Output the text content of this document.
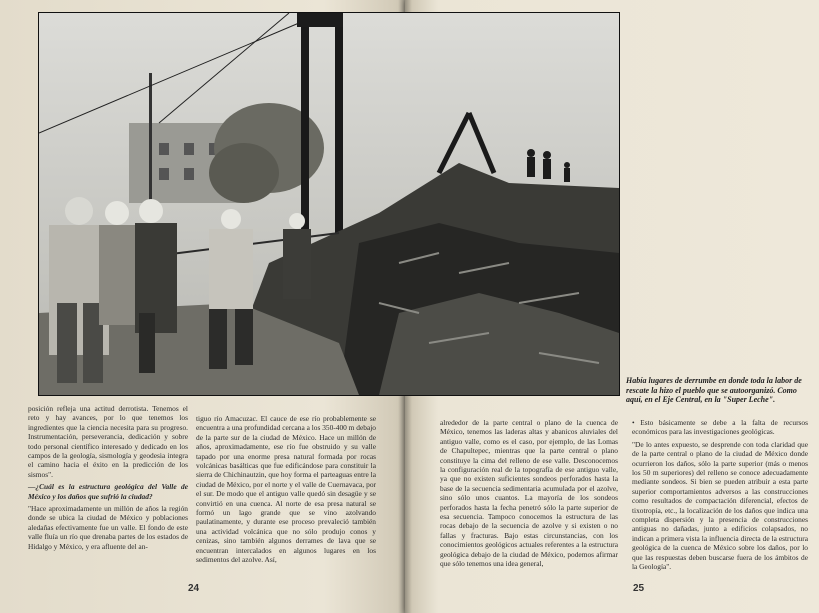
Había lugares de derrumbe en donde toda la labor de rescate la hizo el pueblo que se autoorganizó. Como aquí, en el Eje Central, en la "Super Leche".

posición refleja una actitud derrotista. Tenemos el reto y hay avances, por lo que tenemos los ingredientes que la ciencia necesita para su progreso. Instrumentación, perseverancia, dedicación y sobre todo personal científico interesado y dedicado en los campos de la geología, sismología y geodesia integra el camino hacia el éxito en la predicción de los sismos".

—¿Cuál es la estructura geológica del Valle de México y los daños que sufrió la ciudad?

"Hace aproximadamente un millón de años la región donde se ubica la ciudad de México y poblaciones aledañas efectivamente fue un valle. El fondo de este valle fluía un río que drenaba partes de los estados de Hidalgo y México, y era afluente del an-

tiguo río Amacuzac. El cauce de ese río probablemente se encuentra a una profundidad cercana a los 350-400 m debajo de la parte sur de la ciudad de México. Hace un millón de años, aproximadamente, ese río fue obstruido y su valle tapado por una enorme presa natural formada por rocas volcánicas basálticas que fue edificándose para constituir la sierra de Chichinautzin, que hoy forma el parteaguas entre la ciudad de México, por el norte y el valle de Cuernavaca, por el sur. De modo que el antiguo valle quedó sin desagüe y se convirtió en una cuenca. Al norte de esa presa natural se formó un lago grande que se vino azolvando paulatinamente, y durante ese proceso prevaleció también una actividad volcánica que no sólo produjo conos y cenizas, sino también algunos derrames de lava que se encuentran intercalados en algunos lugares en los sedimentos del azolve. Así,

alrededor de la parte central o plano de la cuenca de México, tenemos las laderas altas y abanicos aluviales del antiguo valle, como es el caso, por ejemplo, de las Lomas de Chapultepec, mientras que la parte central o plano constituye la cima del relleno de ese valle. Desconocemos la configuración real de la topografía de ese antiguo valle, ya que no existen suficientes sondeos perforados hasta la base de la secuencia sedimentaria acumulada por el azolve, sino sólo unos cuantos. La mayoría de los sondeos perforados hasta la fecha penetró sólo la parte superior de esa secuencia. Tampoco conocemos la estructura de las rocas debajo de la secuencia de azolve y si existen o no fallas y fracturas. Bajo estas circunstancias, con los conocimientos geológicos actuales referentes a la estructura geológica debajo de la ciudad de México, podemos afirmar que sólo tenemos una idea general,

• Esto básicamente se debe a la falta de recursos económicos para las investigaciones geológicas.

"De lo antes expuesto, se desprende con toda claridad que de la parte central o plano de la ciudad de México donde ocurrieron los daños, sólo la parte superior (más o menos los 50 m superiores) del relleno se conoce adecuadamente mediante sondeos. Si bien se pueden atribuir a esta parte superior comportamientos adversos a las construcciones como resultados de compactación diferencial, efectos de tixotropía, etc., la localización de los daños que indica una completa dispersión y la presencia de construcciones antiguas no dañadas, junto a edificios colapsados, no indican a primera vista la influencia directa de la estructura geológica de la cuenca de México sobre los daños, por lo que las respuestas deben buscarse fuera de los ámbitos de la Geología".

24	25
